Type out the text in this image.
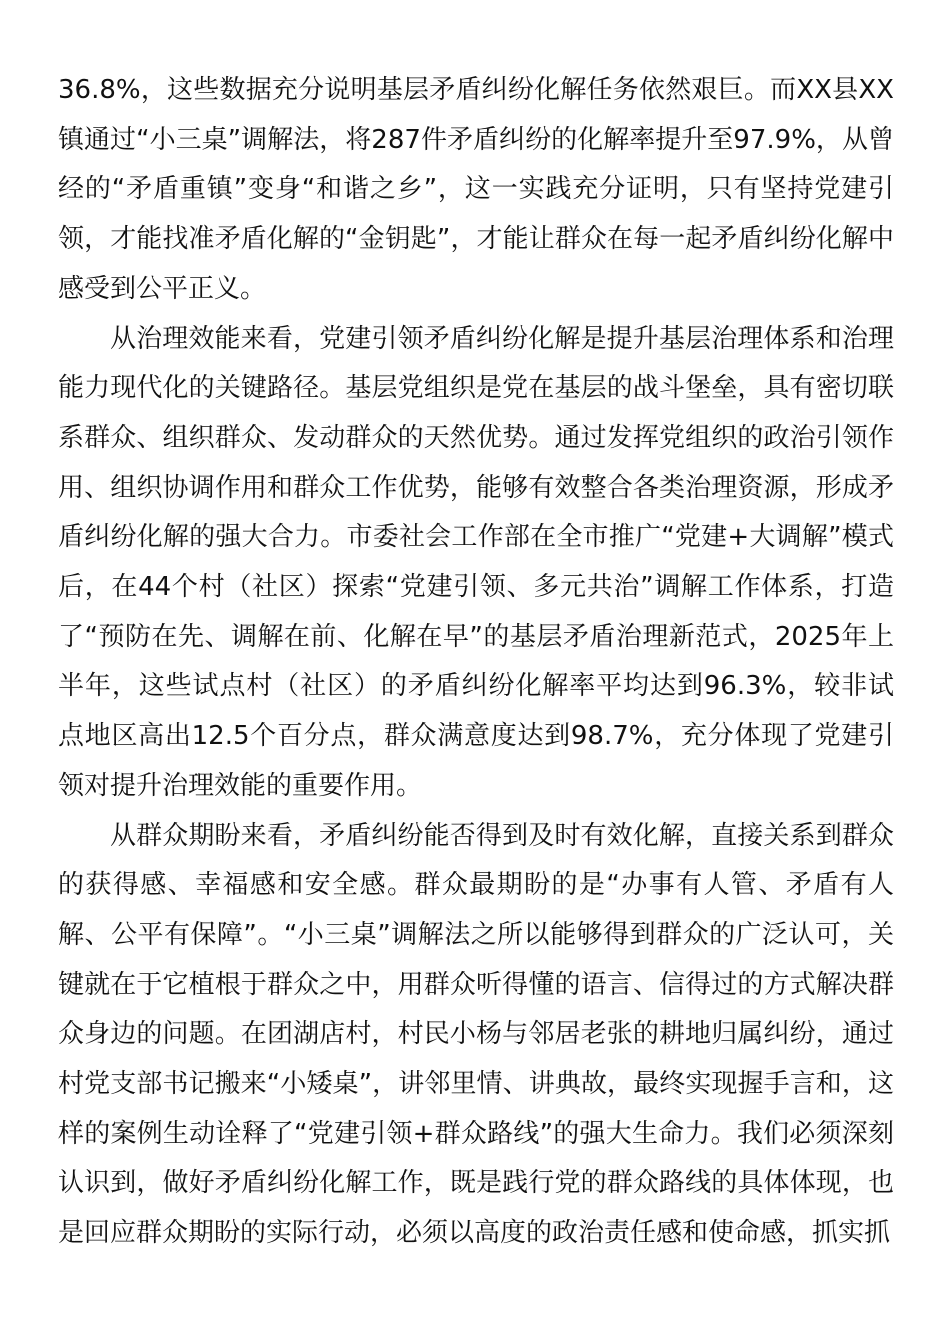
36.8%，这些数据充分说明基层矛盾纠纷化解任务依然艰巨。而XX县XX镇通过“小三桌”调解法，将287件矛盾纠纷的化解率提升至97.9%，从曾经的“矛盾重镇”变身“和谐之乡”，这一实践充分证明，只有坚持党建引领，才能找准矛盾化解的“金钥匙”，才能让群众在每一起矛盾纠纷化解中感受到公平正义。

从治理效能来看，党建引领矛盾纠纷化解是提升基层治理体系和治理能力现代化的关键路径。基层党组织是党在基层的战斗堡垒，具有密切联系群众、组织群众、发动群众的天然优势。通过发挥党组织的政治引领作用、组织协调作用和群众工作优势，能够有效整合各类治理资源，形成矛盾纠纷化解的强大合力。市委社会工作部在全市推广“党建+大调解”模式后，在44个村（社区）探索“党建引领、多元共治”调解工作体系，打造了“预防在先、调解在前、化解在早”的基层矛盾治理新范式，2025年上半年，这些试点村（社区）的矛盾纠纷化解率平均达到96.3%，较非试点地区高出12.5个百分点，群众满意度达到98.7%，充分体现了党建引领对提升治理效能的重要作用。

从群众期盼来看，矛盾纠纷能否得到及时有效化解，直接关系到群众的获得感、幸福感和安全感。群众最期盼的是“办事有人管、矛盾有人解、公平有保障”。“小三桌”调解法之所以能够得到群众的广泛认可，关键就在于它植根于群众之中，用群众听得懂的语言、信得过的方式解决群众身边的问题。在团湖店村，村民小杨与邻居老张的耕地归属纠纷，通过村党支部书记搬来“小矮桌”，讲邻里情、讲典故，最终实现握手言和，这样的案例生动诠释了“党建引领+群众路线”的强大生命力。我们必须深刻认识到，做好矛盾纠纷化解工作，既是践行党的群众路线的具体体现，也是回应群众期盼的实际行动，必须以高度的政治责任感和使命感，抓实抓
